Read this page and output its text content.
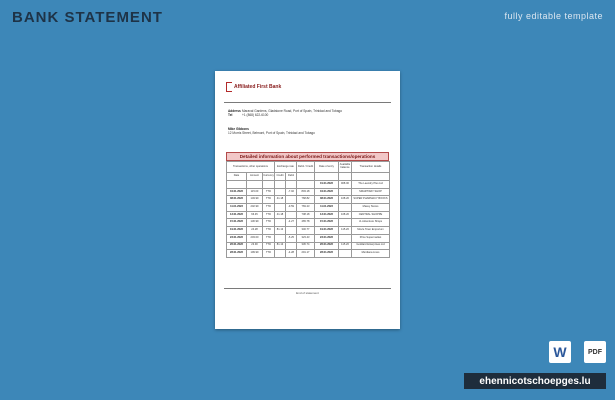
BANK STATEMENT	fully editable template
Affiliated First Bank
AddressMaraval Gardens, Gladstone Road, Port of Spain, Trinidad and Tobago
Tel	+1 (868) 622-6100
Mike Gibbons
12 Morris Street, Belmont, Port of Spain, Trinidad and Tobago
Detailed information about performed transactions/operations
Transactions, other operations			Exchange rate		Debit / Credit	Date of entry	Available balance	Transaction details
Date	Amount	Currency	Credit	Debit				
						01.01.2022	908.00	The Laundry Plus Ltd
04.01.2022	115.00	TTD		-7.02	803.18	04.01.2022		SMARTWAY SHOP
08.01.2022	149.99	TTD	41.18		768.82	08.01.2022	108.20	SUPER PHARMACY BOOKS
11.01.2022	202.99	TTD		-9.59	769.23	11.01.2022		Massy Stores
13.01.2022	66.45	TTD	41.18		708.18	13.01.2022	108.20	CENTRAL SHOPPE
15.01.2022	130.99	TTD		-4.27	465.78	15.01.2022		JL Adventure Shops
19.01.2022	24.28	TTD	81.13		346.77	19.01.2022	115.20	Movie Town Emporium
23.01.2022	203.00	TTD		-5.25	323.43	23.01.2022		Price Supermarket
26.01.2022	23.90	TTD	81.13		336.74	26.01.2022	115.20	Goddard Enterprises Ltd
28.01.2022	199.99	TTD		-4.28	291.17	28.01.2022		Merdiana Lines
End of statement
W	PDF
ehennicotschoepges.lu
